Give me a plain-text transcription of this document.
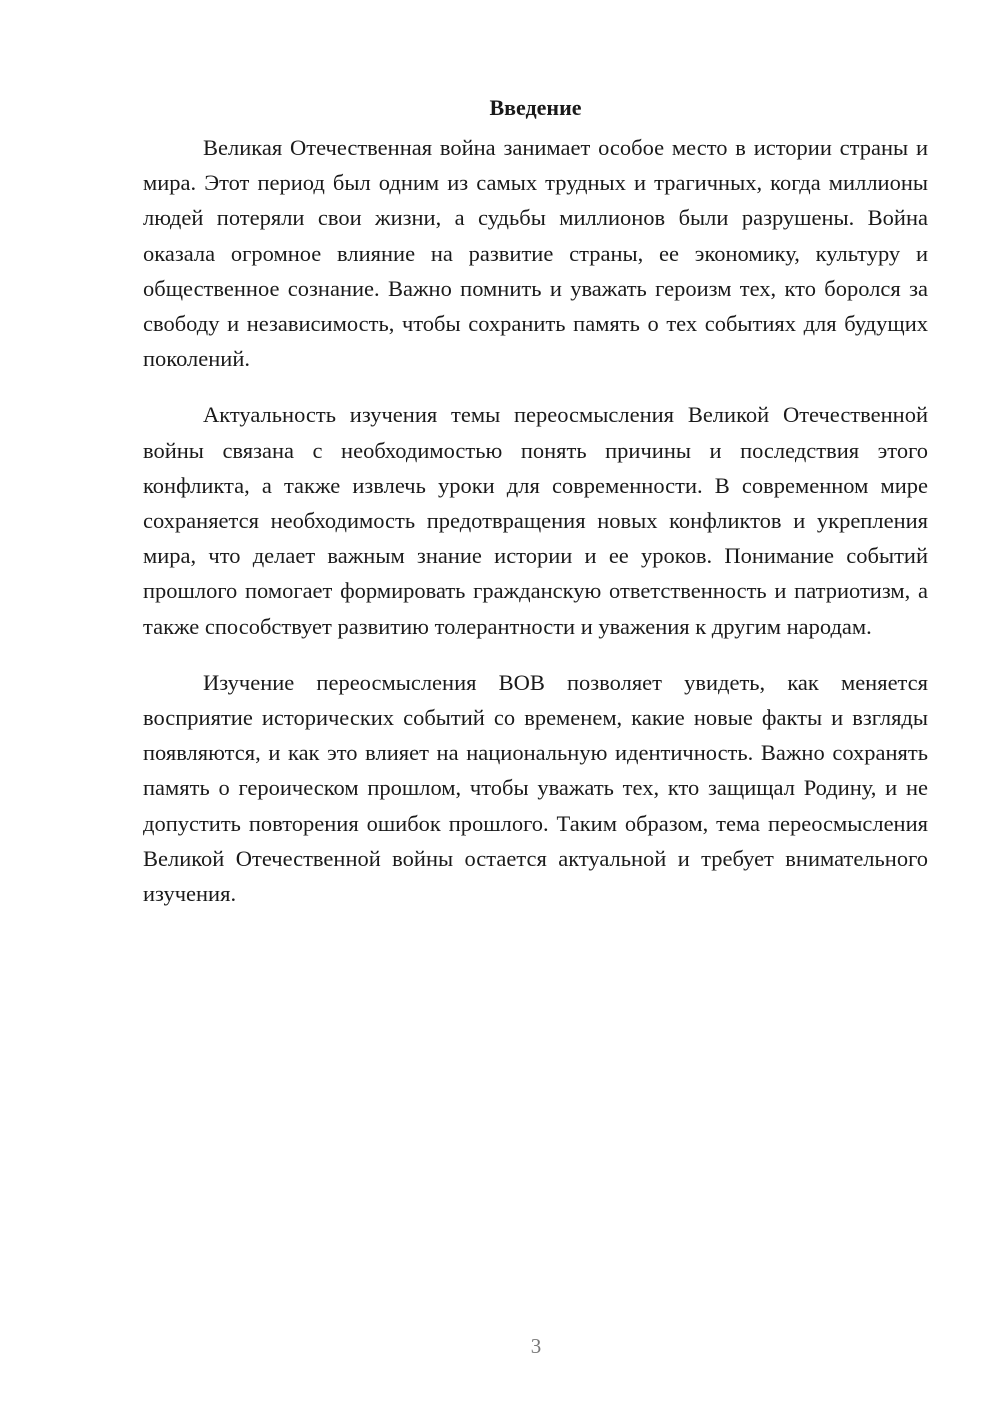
Введение

Великая Отечественная война занимает особое место в истории страны и мира. Этот период был одним из самых трудных и трагичных, когда миллионы людей потеряли свои жизни, а судьбы миллионов были разрушены. Война оказала огромное влияние на развитие страны, ее экономику, культуру и общественное сознание. Важно помнить и уважать героизм тех, кто боролся за свободу и независимость, чтобы сохранить память о тех событиях для будущих поколений.

Актуальность изучения темы переосмысления Великой Отечественной войны связана с необходимостью понять причины и последствия этого конфликта, а также извлечь уроки для современности. В современном мире сохраняется необходимость предотвращения новых конфликтов и укрепления мира, что делает важным знание истории и ее уроков. Понимание событий прошлого помогает формировать гражданскую ответственность и патриотизм, а также способствует развитию толерантности и уважения к другим народам.

Изучение переосмысления ВОВ позволяет увидеть, как меняется восприятие исторических событий со временем, какие новые факты и взгляды появляются, и как это влияет на национальную идентичность. Важно сохранять память о героическом прошлом, чтобы уважать тех, кто защищал Родину, и не допустить повторения ошибок прошлого. Таким образом, тема переосмысления Великой Отечественной войны остается актуальной и требует внимательного изучения.

3
